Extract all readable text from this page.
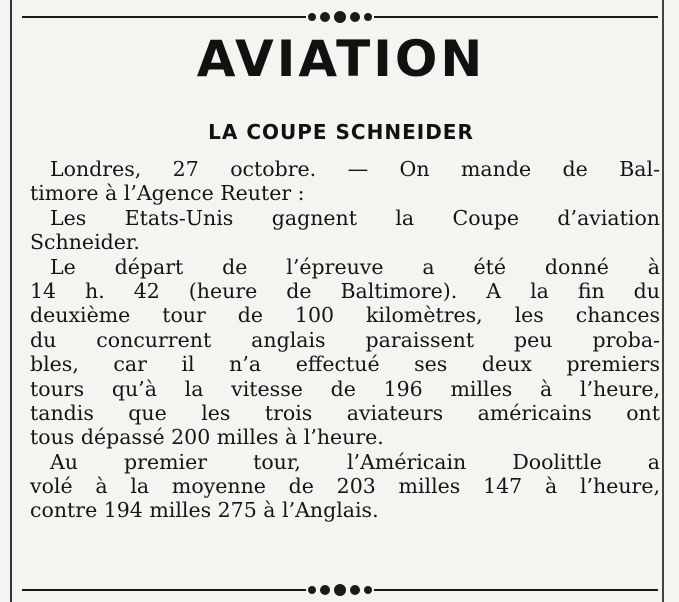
AVIATION
LA COUPE SCHNEIDER
Londres, 27 octobre. — On mande de Bal-
timore à l’Agence Reuter :
Les Etats-Unis gagnent la Coupe d’aviation
Schneider.
Le départ de l’épreuve a été donné à
14 h. 42 (heure de Baltimore). A la fin du
deuxième tour de 100 kilomètres, les chances
du concurrent anglais paraissent peu proba-
bles, car il n’a effectué ses deux premiers
tours qu’à la vitesse de 196 milles à l’heure,
tandis que les trois aviateurs américains ont
tous dépassé 200 milles à l’heure.
Au premier tour, l’Américain Doolittle a
volé à la moyenne de 203 milles 147 à l’heure,
contre 194 milles 275 à l’Anglais.
